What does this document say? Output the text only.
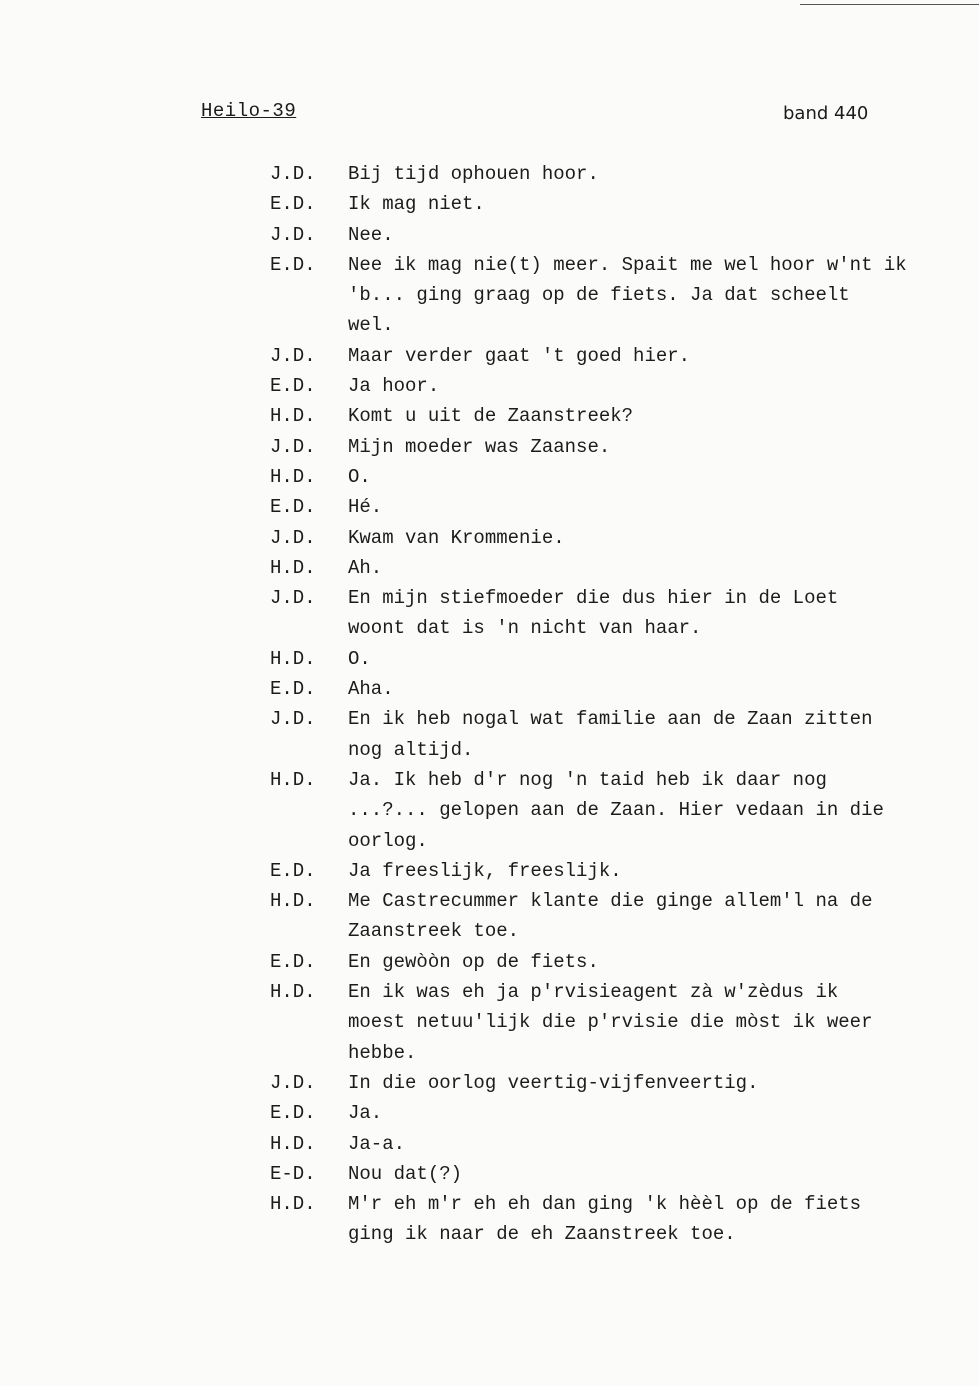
Heilo-39	band 440
J.D.	Bij tijd ophouen hoor.
E.D.	Ik mag niet.
J.D.	Nee.
E.D.	Nee ik mag nie(t) meer. Spait me wel hoor w'nt ik
'b... ging graag op de fiets. Ja dat scheelt
wel.
J.D.	Maar verder gaat 't goed hier.
E.D.	Ja hoor.
H.D.	Komt u uit de Zaanstreek?
J.D.	Mijn moeder was Zaanse.
H.D.	O.
E.D.	Hé.
J.D.	Kwam van Krommenie.
H.D.	Ah.
J.D.	En mijn stiefmoeder die dus hier in de Loet
woont dat is 'n nicht van haar.
H.D.	O.
E.D.	Aha.
J.D.	En ik heb nogal wat familie aan de Zaan zitten
nog altijd.
H.D.	Ja. Ik heb d'r nog 'n taid heb ik daar nog
...?... gelopen aan de Zaan. Hier vedaan in die
oorlog.
E.D.	Ja freeslijk, freeslijk.
H.D.	Me Castrecummer klante die ginge allem'l na de
Zaanstreek toe.
E.D.	En gewòòn op de fiets.
H.D.	En ik was eh ja p'rvisieagent zà w'zèdus ik
moest netuu'lijk die p'rvisie die mòst ik weer
hebbe.
J.D.	In die oorlog veertig-vijfenveertig.
E.D.	Ja.
H.D.	Ja-a.
E-D.	Nou dat(?)
H.D.	M'r eh m'r eh eh dan ging 'k hèèl op de fiets
ging ik naar de eh Zaanstreek toe.
